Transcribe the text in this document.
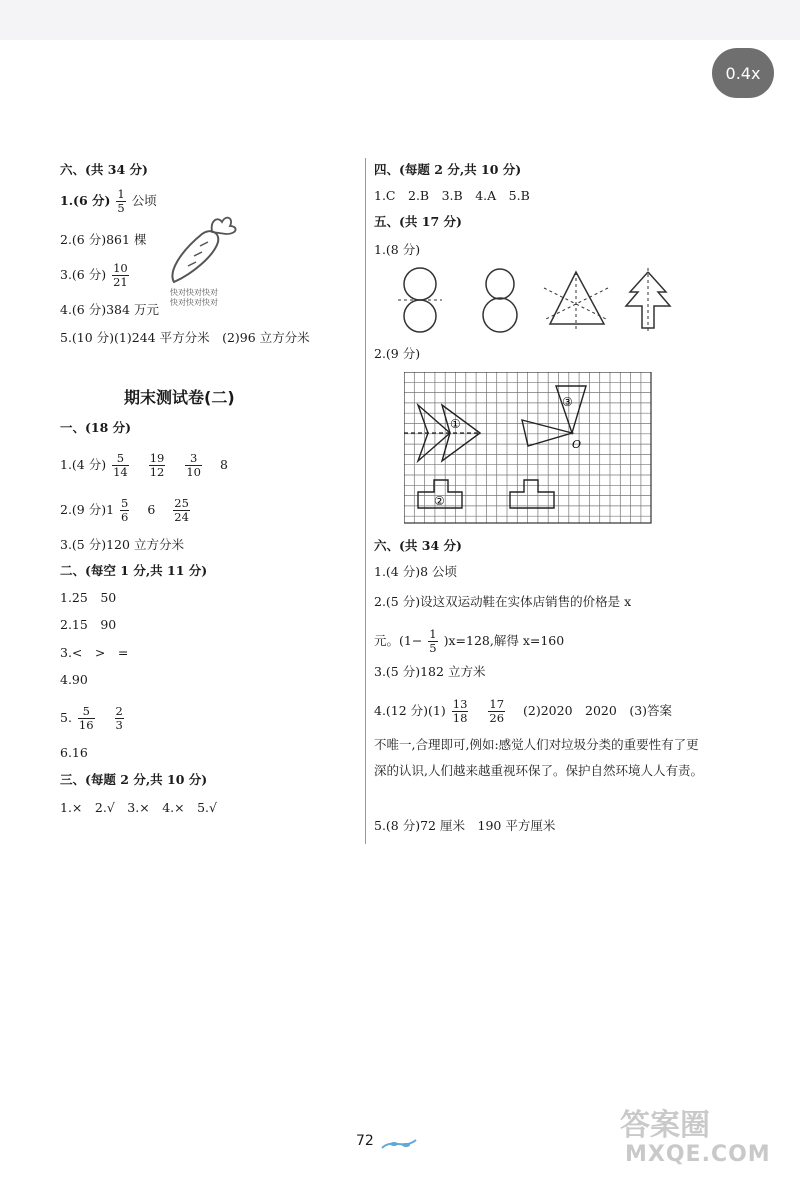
0.4x
六、(共 34 分)
1.(6 分) $\frac{1}{5}$ 公顷
2.(6 分)861 棵
3.(6 分) $\frac{10}{21}$
4.(6 分)384 万元
5.(10 分)(1)244 平方分米　(2)96 立方分米
快对快对快对
快对快对快对
期末测试卷(二)
一、(18 分)
1.(4 分) $\frac{5}{14}$
$\frac{19}{12}$
$\frac{3}{10} 8$
2.(9 分)$1 \frac{5}{6} 6 \frac{25}{24}$
3.(5 分)120 立方分米
二、(每空 1 分,共 11 分)
1.25　50
2.15　90
3.<　>　=
4.90
5. $\frac{5}{16}$
$\frac{2}{3}$
6.16
三、(每题 2 分,共 10 分)
1.×　2.√　3.×　4.×　5.√
四、(每题 2 分,共 10 分)
1.C　2.B　3.B　4.A　5.B
五、(共 17 分)
1.(8 分)
2.(9 分)
①
②
③
O
六、(共 34 分)
1.(4 分)8 公顷
2.(5 分)设这双运动鞋在实体店销售的价格是 x
元。$(1- \frac{1}{5} )x=128$,解得 x=160
3.(5 分)182 立方米
4.(12 分)$(1) \frac{13}{18}$
$\frac{17}{26} (2)2020$　2020　(3)答案
不唯一,合理即可,例如:感觉人们对垃圾分类的重要性有了更深的认识,人们越来越重视环保了。保护自然环境人人有责。
5.(8 分)72 厘米　190 平方厘米
72	答案圈
MXQE.COM
